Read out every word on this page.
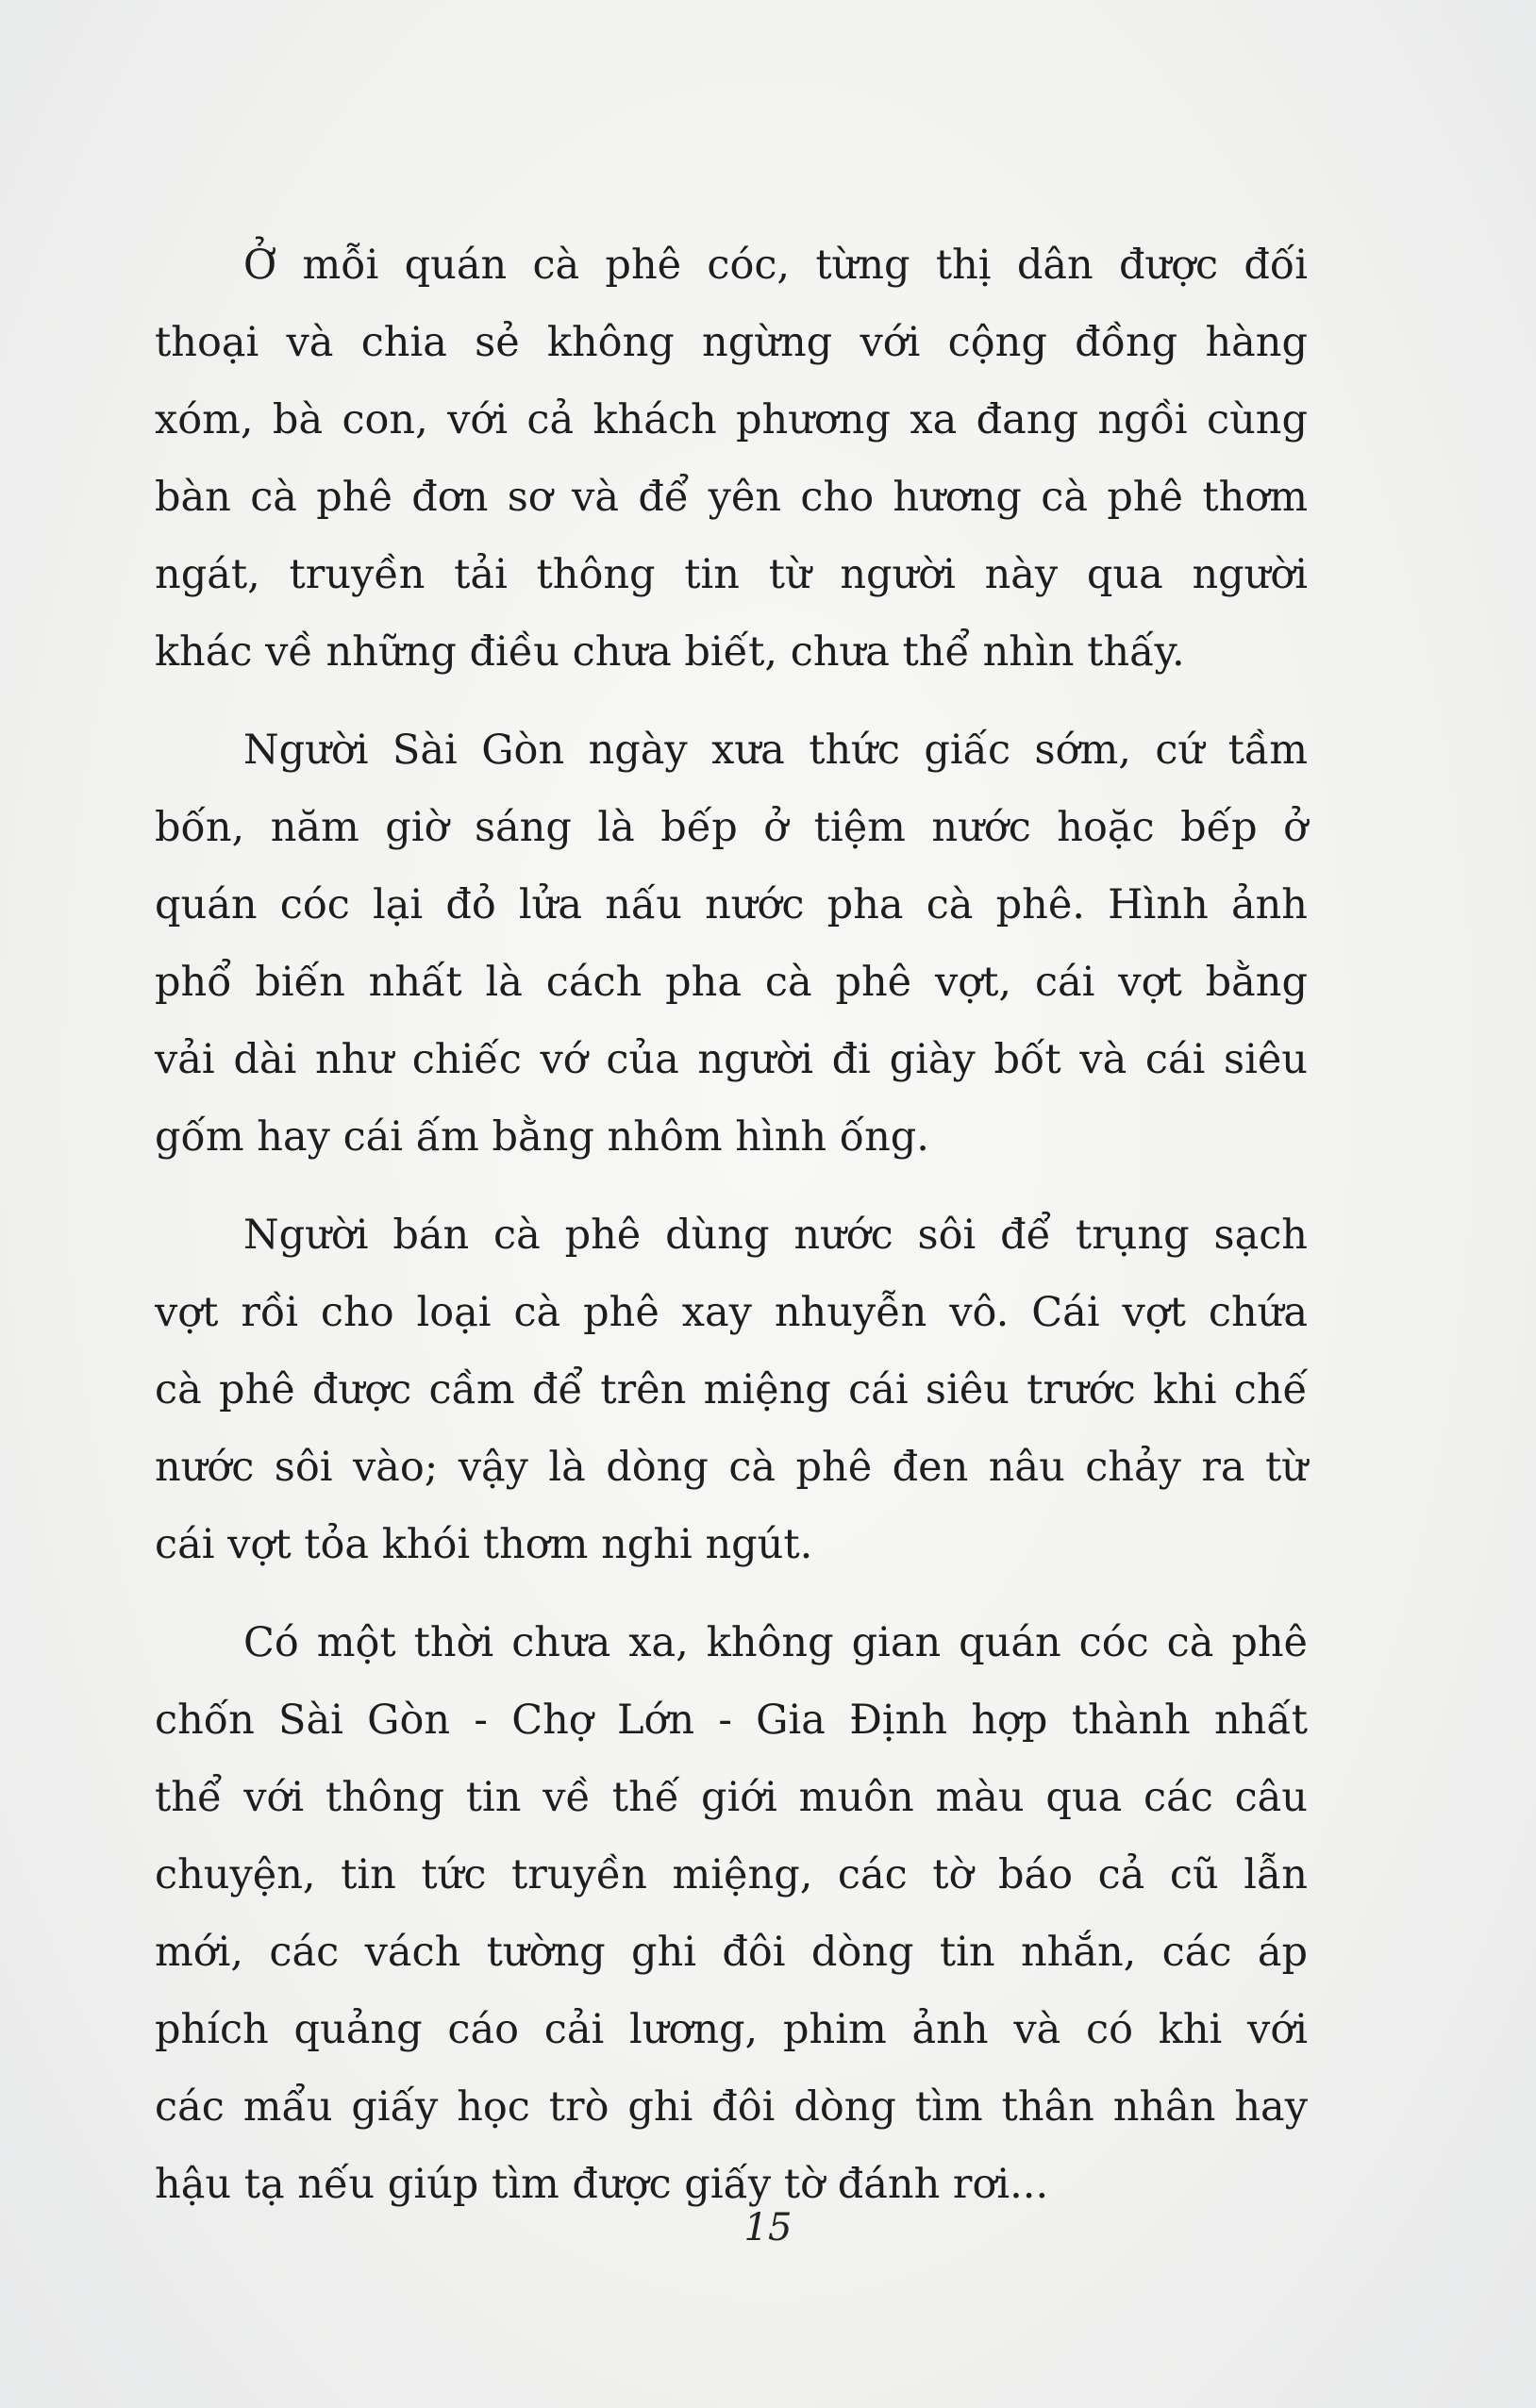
Ở mỗi quán cà phê cóc, từng thị dân được đối
thoại và chia sẻ không ngừng với cộng đồng hàng
xóm, bà con, với cả khách phương xa đang ngồi cùng
bàn cà phê đơn sơ và để yên cho hương cà phê thơm
ngát, truyền tải thông tin từ người này qua người
khác về những điều chưa biết, chưa thể nhìn thấy.

Người Sài Gòn ngày xưa thức giấc sớm, cứ tầm
bốn, năm giờ sáng là bếp ở tiệm nước hoặc bếp ở
quán cóc lại đỏ lửa nấu nước pha cà phê. Hình ảnh
phổ biến nhất là cách pha cà phê vợt, cái vợt bằng
vải dài như chiếc vớ của người đi giày bốt và cái siêu
gốm hay cái ấm bằng nhôm hình ống.

Người bán cà phê dùng nước sôi để trụng sạch
vợt rồi cho loại cà phê xay nhuyễn vô. Cái vợt chứa
cà phê được cầm để trên miệng cái siêu trước khi chế
nước sôi vào; vậy là dòng cà phê đen nâu chảy ra từ
cái vợt tỏa khói thơm nghi ngút.

Có một thời chưa xa, không gian quán cóc cà phê
chốn Sài Gòn - Chợ Lớn - Gia Định hợp thành nhất
thể với thông tin về thế giới muôn màu qua các câu
chuyện, tin tức truyền miệng, các tờ báo cả cũ lẫn
mới, các vách tường ghi đôi dòng tin nhắn, các áp
phích quảng cáo cải lương, phim ảnh và có khi với
các mẩu giấy học trò ghi đôi dòng tìm thân nhân hay
hậu tạ nếu giúp tìm được giấy tờ đánh rơi...

15
